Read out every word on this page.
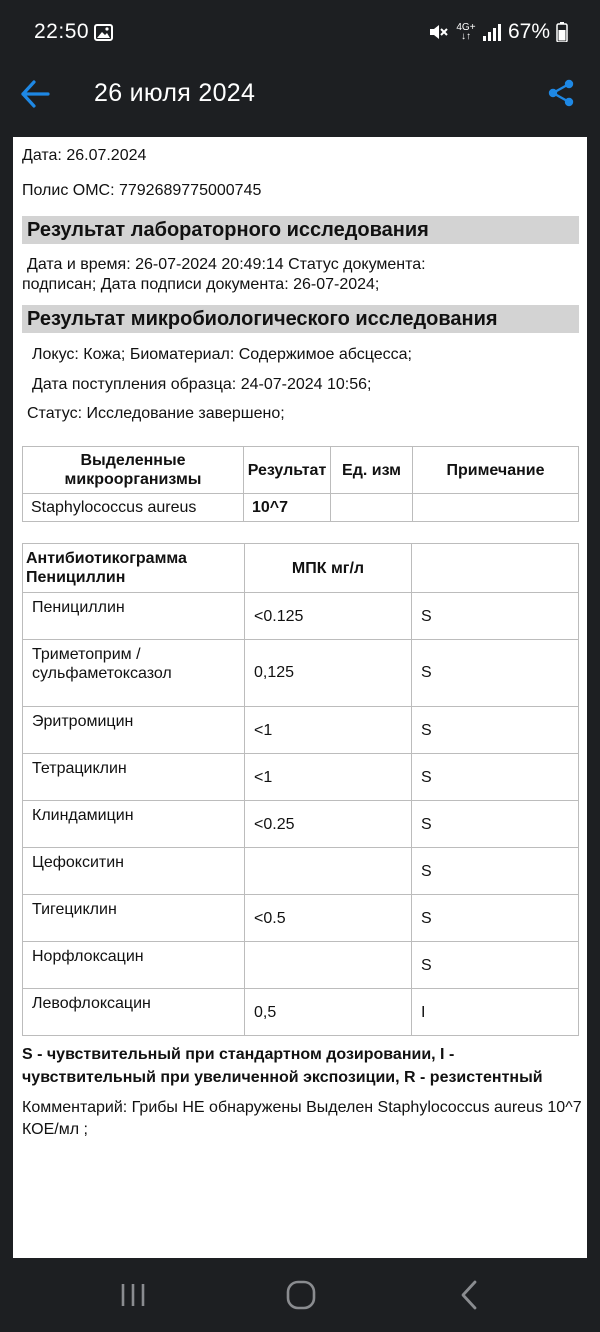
22:50	4G+
↓↑ 67%
26 июля 2024
Дата: 26.07.2024
Полис ОМС: 7792689775000745
Результат лабораторного исследования
Дата и время: 26-07-2024 20:49:14 Статус документа:
подписан; Дата подписи документа: 26-07-2024;
Результат микробиологического исследования
Локус: Кожа; Биоматериал: Содержимое абсцесса;
Дата поступления образца: 24-07-2024 10:56;
Статус: Исследование завершено;
Выделенные микроорганизмы	Результат	Ед. изм	Примечание
Staphylococcus aureus	10^7		
Антибиотикограмма Пенициллин	МПК мг/л	

Пенициллин	<0.125	S

Триметоприм / сульфаметоксазол	0,125	S

Эритромицин	<1	S

Тетрациклин	<1	S

Клиндамицин	<0.25	S

Цефокситин		S

Тигециклин	<0.5	S

Норфлоксацин		S

Левофлоксацин	0,5	I
S - чувствительный при стандартном дозировании, I - чувствительный при увеличенной экспозиции, R - резистентный
Комментарий: Грибы НЕ обнаружены Выделен Staphylococcus aureus 10^7 КОЕ/мл ;
